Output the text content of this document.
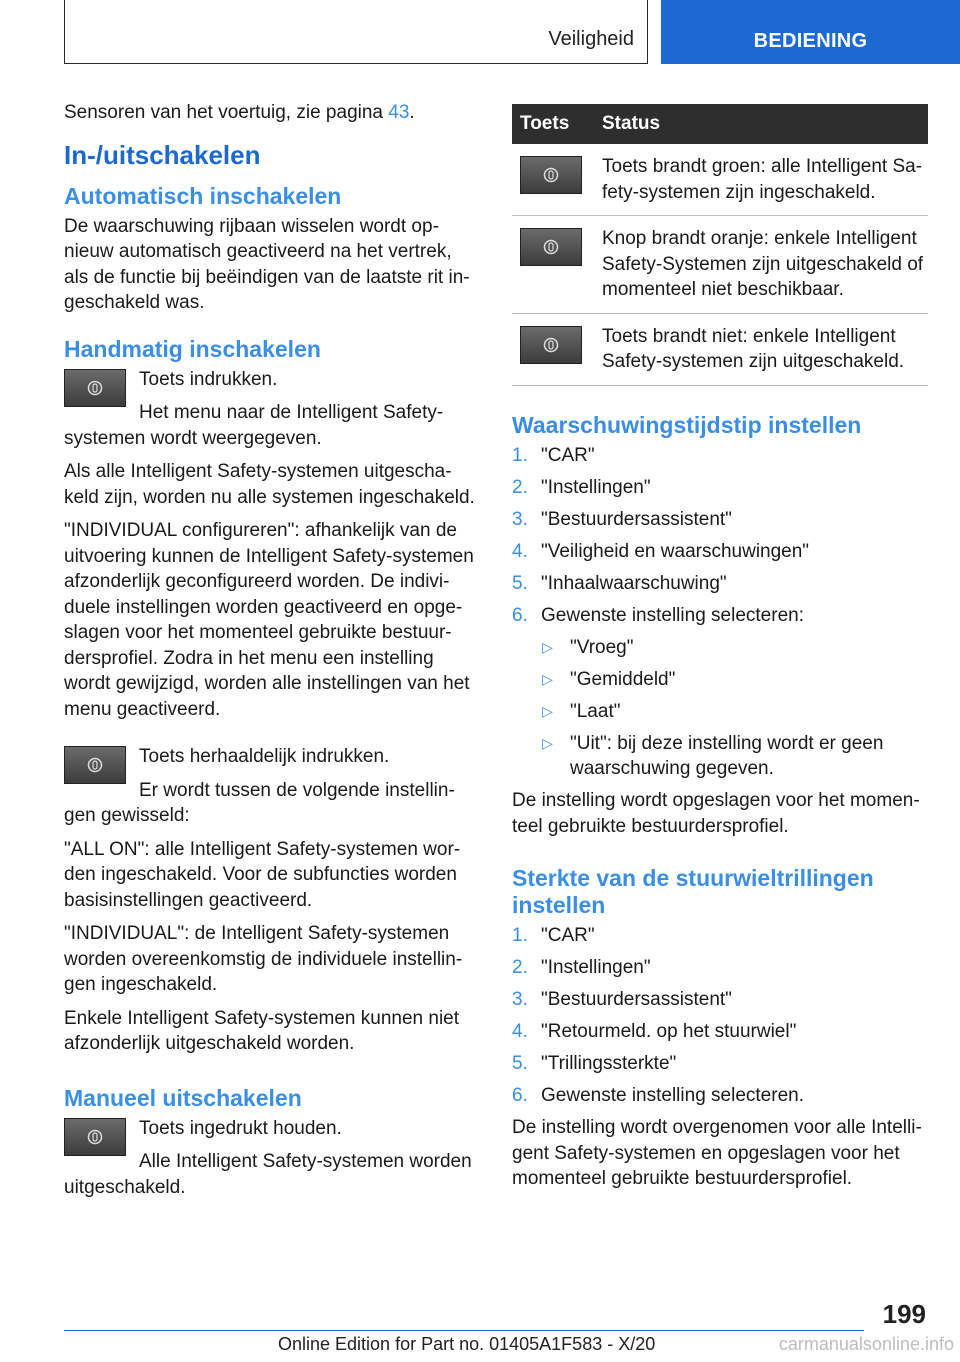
Veiligheid	BEDIENING

Sensoren van het voertuig, zie pagina 43.

In-/uitschakelen
Automatisch inschakelen

De waarschuwing rijbaan wisselen wordt opnieuw automatisch geactiveerd na het vertrek, als de functie bij beëindigen van de laatste rit ingeschakeld was.

Handmatig inschakelen

Toets indrukken.

Het menu naar de Intelligent Safety-systemen wordt weergegeven.

Als alle Intelligent Safety-systemen uitgeschakeld zijn, worden nu alle systemen ingeschakeld.

"INDIVIDUAL configureren": afhankelijk van de uitvoering kunnen de Intelligent Safety-systemen afzonderlijk geconfigureerd worden. De individuele instellingen worden geactiveerd en opgeslagen voor het momenteel gebruikte bestuurdersprofiel. Zodra in het menu een instelling wordt gewijzigd, worden alle instellingen van het menu geactiveerd.

Toets herhaaldelijk indrukken.

Er wordt tussen de volgende instellingen gewisseld:

"ALL ON": alle Intelligent Safety-systemen worden ingeschakeld. Voor de subfuncties worden basisinstellingen geactiveerd.

"INDIVIDUAL": de Intelligent Safety-systemen worden overeenkomstig de individuele instellingen ingeschakeld.

Enkele Intelligent Safety-systemen kunnen niet afzonderlijk uitgeschakeld worden.

Manueel uitschakelen

Toets ingedrukt houden.

Alle Intelligent Safety-systemen worden uitgeschakeld.

Toets	Status

	Toets brandt groen: alle Intelligent Safety-systemen zijn ingeschakeld.

	Knop brandt oranje: enkele Intelligent Safety-Systemen zijn uitgeschakeld of momenteel niet beschikbaar.

	Toets brandt niet: enkele Intelligent Safety-systemen zijn uitgeschakeld.
Waarschuwingstijdstip instellen
1. "CAR"
2. "Instellingen"
3. "Bestuurdersassistent"
4. "Veiligheid en waarschuwingen"
5. "Inhaalwaarschuwing"
6. Gewenste instelling selecteren:
▷ "Vroeg"
▷ "Gemiddeld"
▷ "Laat"
▷ "Uit": bij deze instelling wordt er geen waarschuwing gegeven.

De instelling wordt opgeslagen voor het momenteel gebruikte bestuurdersprofiel.

Sterkte van de stuurwieltrillingen instellen
1. "CAR"
2. "Instellingen"
3. "Bestuurdersassistent"
4. "Retourmeld. op het stuurwiel"
5. "Trillingssterkte"
6. Gewenste instelling selecteren.

De instelling wordt overgenomen voor alle Intelligent Safety-systemen en opgeslagen voor het momenteel gebruikte bestuurdersprofiel.

199
Online Edition for Part no. 01405A1F583 - X/20	carmanualsonline.info
